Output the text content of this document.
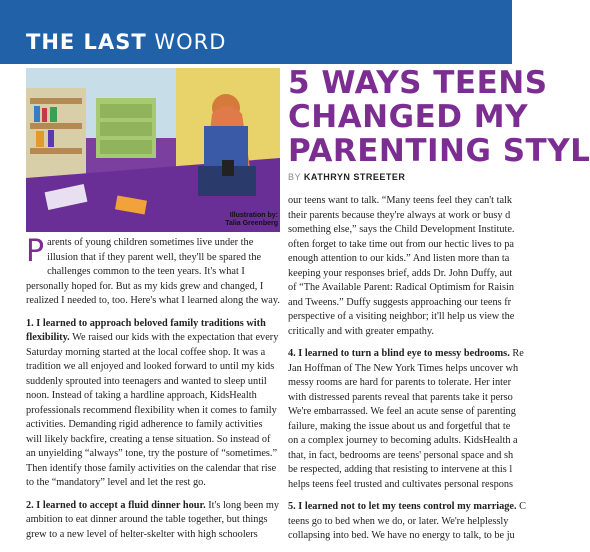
THE LAST WORD
Illustration by:
Talia Greenberg
5 WAYS TEENS
CHANGED MY
PARENTING STYL
BY KATHRYN STREETER

Parents of young children sometimes live under the illusion that if they parent well, they'll be spared the challenges common to the teen years. It's what I personally hoped for. But as my kids grew and changed, I realized I needed to, too. Here's what I learned along the way.

1. I learned to approach beloved family traditions with flexibility. We raised our kids with the expectation that every Saturday morning started at the local coffee shop. It was a tradition we all enjoyed and looked forward to until my kids suddenly sprouted into teenagers and wanted to sleep until noon. Instead of taking a hardline approach, KidsHealth professionals recommend flexibility when it comes to family activities. Demanding rigid adherence to family activities will likely backfire, creating a tense situation. So instead of an unyielding “always” tone, try the posture of “sometimes.” Then identify those family activities on the calendar that rise to the “mandatory” level and let the rest go.

2. I learned to accept a fluid dinner hour. It's long been my ambition to eat dinner around the table together, but things grew to a new level of helter-skelter with high schoolers

our teens want to talk. “Many teens feel they can't talk
their parents because they're always at work or busy d
something else,” says the Child Development Institute.
often forget to take time out from our hectic lives to pa
enough attention to our kids.” And listen more than ta
keeping your responses brief, adds Dr. John Duffy, aut
of “The Available Parent: Radical Optimism for Raisin
and Tweens.” Duffy suggests approaching our teens fr
perspective of a visiting neighbor; it'll help us view the
critically and with greater empathy.

4. I learned to turn a blind eye to messy bedrooms. Re
Jan Hoffman of The New York Times helps uncover wh
messy rooms are hard for parents to tolerate. Her inter
with distressed parents reveal that parents take it perso
We're embarrassed. We feel an acute sense of parenting
failure, making the issue about us and forgetful that te
on a complex journey to becoming adults. KidsHealth a
that, in fact, bedrooms are teens' personal space and sh
be respected, adding that resisting to intervene at this l
helps teens feel trusted and cultivates personal respons

5. I learned not to let my teens control my marriage. C
teens go to bed when we do, or later. We're helplessly
collapsing into bed. We have no energy to talk, to be ju
